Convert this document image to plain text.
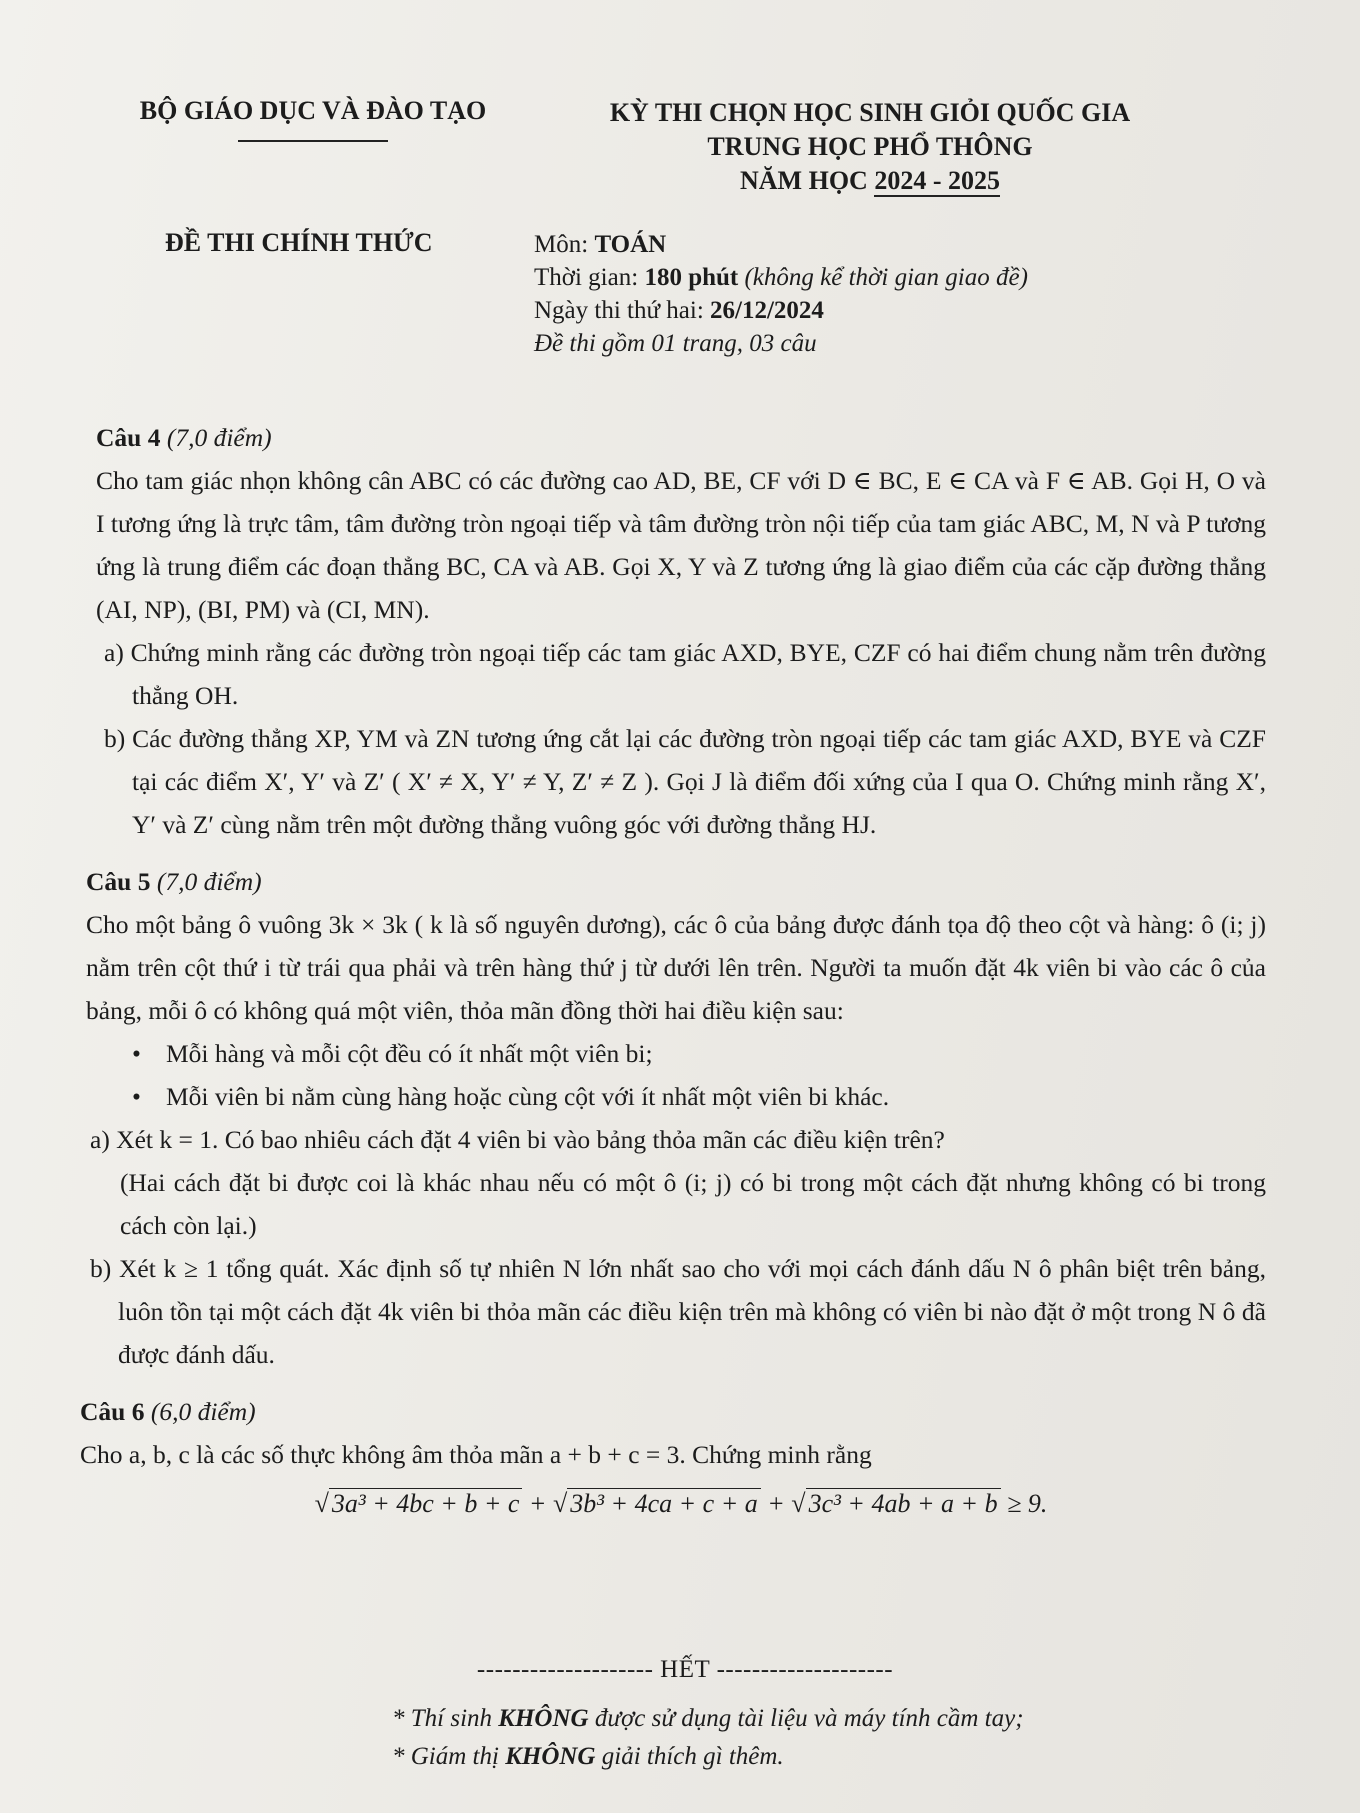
BỘ GIÁO DỤC VÀ ĐÀO TẠO	KỲ THI CHỌN HỌC SINH GIỎI QUỐC GIA
TRUNG HỌC PHỔ THÔNG
NĂM HỌC 2024 - 2025
ĐỀ THI CHÍNH THỨC	Môn: TOÁN
Thời gian: 180 phút (không kể thời gian giao đề)
Ngày thi thứ hai: 26/12/2024
Đề thi gồm 01 trang, 03 câu
Câu 4 (7,0 điểm)

Cho tam giác nhọn không cân ABC có các đường cao AD, BE, CF với D ∈ BC, E ∈ CA và F ∈ AB. Gọi H, O và I tương ứng là trực tâm, tâm đường tròn ngoại tiếp và tâm đường tròn nội tiếp của tam giác ABC, M, N và P tương ứng là trung điểm các đoạn thẳng BC, CA và AB. Gọi X, Y và Z tương ứng là giao điểm của các cặp đường thẳng (AI, NP), (BI, PM) và (CI, MN).

a) Chứng minh rằng các đường tròn ngoại tiếp các tam giác AXD, BYE, CZF có hai điểm chung nằm trên đường thẳng OH.

b) Các đường thẳng XP, YM và ZN tương ứng cắt lại các đường tròn ngoại tiếp các tam giác AXD, BYE và CZF tại các điểm X′, Y′ và Z′ ( X′ ≠ X, Y′ ≠ Y, Z′ ≠ Z ). Gọi J là điểm đối xứng của I qua O. Chứng minh rằng X′, Y′ và Z′ cùng nằm trên một đường thẳng vuông góc với đường thẳng HJ.

Câu 5 (7,0 điểm)

Cho một bảng ô vuông 3k × 3k ( k là số nguyên dương), các ô của bảng được đánh tọa độ theo cột và hàng: ô (i; j) nằm trên cột thứ i từ trái qua phải và trên hàng thứ j từ dưới lên trên. Người ta muốn đặt 4k viên bi vào các ô của bảng, mỗi ô có không quá một viên, thỏa mãn đồng thời hai điều kiện sau:

• Mỗi hàng và mỗi cột đều có ít nhất một viên bi;

• Mỗi viên bi nằm cùng hàng hoặc cùng cột với ít nhất một viên bi khác.

a) Xét k = 1. Có bao nhiêu cách đặt 4 viên bi vào bảng thỏa mãn các điều kiện trên?

(Hai cách đặt bi được coi là khác nhau nếu có một ô (i; j) có bi trong một cách đặt nhưng không có bi trong cách còn lại.)

b) Xét k ≥ 1 tổng quát. Xác định số tự nhiên N lớn nhất sao cho với mọi cách đánh dấu N ô phân biệt trên bảng, luôn tồn tại một cách đặt 4k viên bi thỏa mãn các điều kiện trên mà không có viên bi nào đặt ở một trong N ô đã được đánh dấu.

Câu 6 (6,0 điểm)

Cho a, b, c là các số thực không âm thỏa mãn a + b + c = 3. Chứng minh rằng

√ 3a³ + 4bc + b + c + √ 3b³ + 4ca + c + a + √ 3c³ + 4ab + a + b ≥ 9.
-------------------- HẾT --------------------
* Thí sinh KHÔNG được sử dụng tài liệu và máy tính cầm tay;
* Giám thị KHÔNG giải thích gì thêm.
